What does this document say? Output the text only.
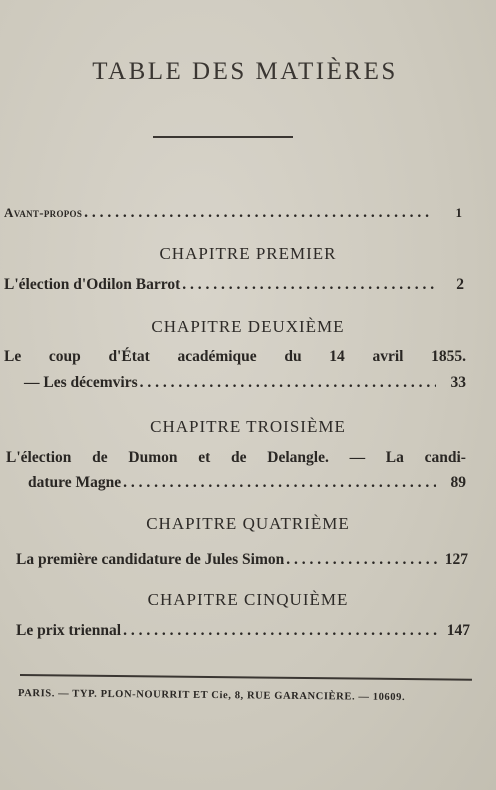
TABLE DES MATIÈRES
Avant-propos . . .	1
CHAPITRE PREMIER
L'élection d'Odilon Barrot . . .	2
CHAPITRE DEUXIÈME
Le coup d'État académique du 14 avril 1855.
— Les décemvirs . . .	33
CHAPITRE TROISIÈME
L'élection de Dumon et de Delangle. — La candi-
dature Magne . . .	89
CHAPITRE QUATRIÈME
La première candidature de Jules Simon . . .	127
CHAPITRE CINQUIÈME
Le prix triennal . . .	147
PARIS. — TYP. PLON-NOURRIT ET Cie, 8, RUE GARANCIÈRE. — 10609.
